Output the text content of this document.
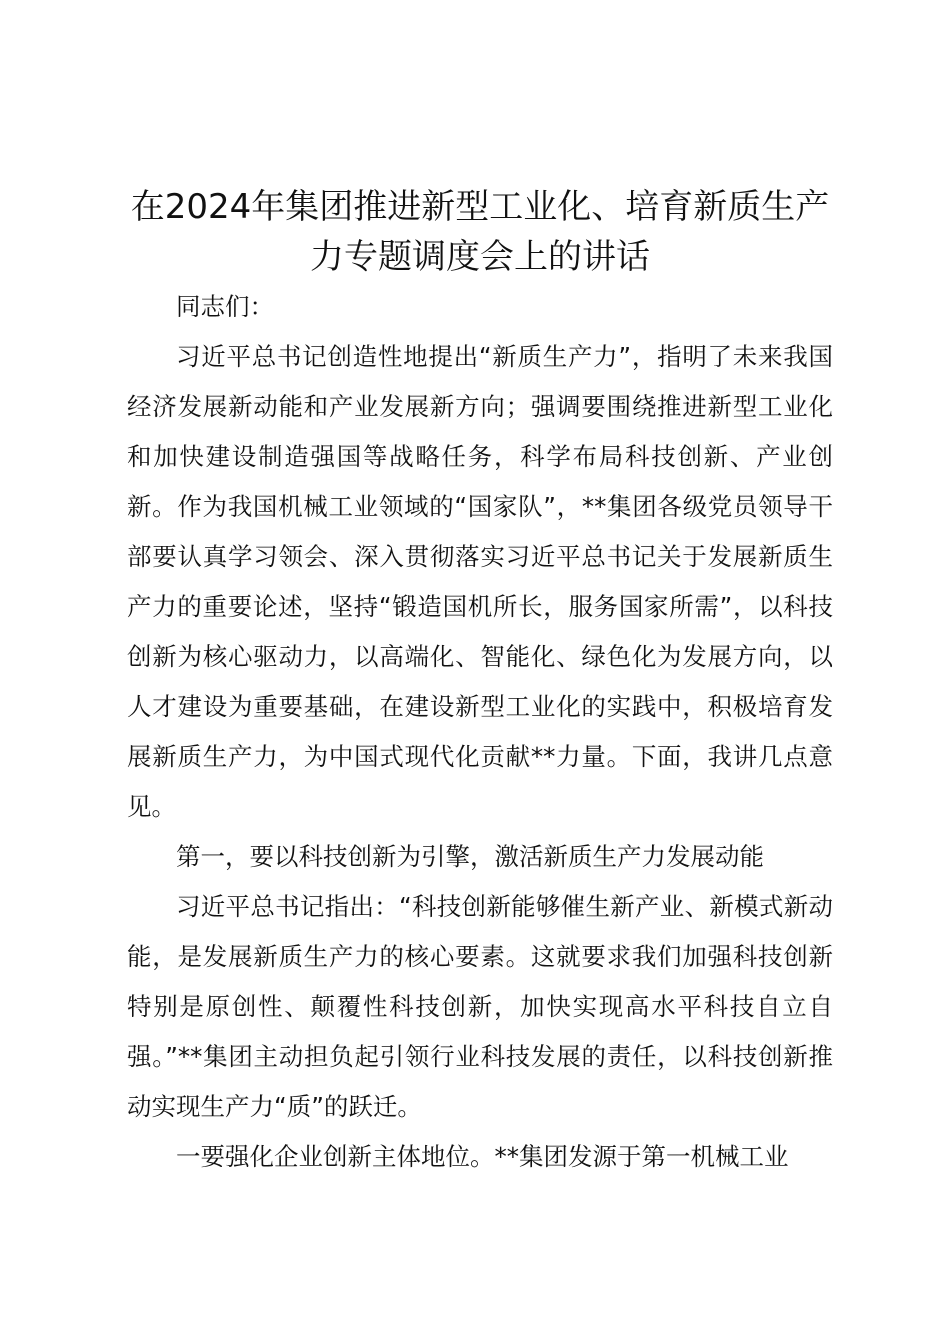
在2024年集团推进新型工业化、培育新质生产力专题调度会上的讲话

同志们：

习近平总书记创造性地提出“新质生产力”，指明了未来我国经济发展新动能和产业发展新方向；强调要围绕推进新型工业化和加快建设制造强国等战略任务，科学布局科技创新、产业创新。作为我国机械工业领域的“国家队”，**集团各级党员领导干部要认真学习领会、深入贯彻落实习近平总书记关于发展新质生产力的重要论述，坚持“锻造国机所长，服务国家所需”，以科技创新为核心驱动力，以高端化、智能化、绿色化为发展方向，以人才建设为重要基础，在建设新型工业化的实践中，积极培育发展新质生产力，为中国式现代化贡献**力量。下面，我讲几点意见。

第一，要以科技创新为引擎，激活新质生产力发展动能

习近平总书记指出：“科技创新能够催生新产业、新模式新动能，是发展新质生产力的核心要素。这就要求我们加强科技创新特别是原创性、颠覆性科技创新，加快实现高水平科技自立自强。”**集团主动担负起引领行业科技发展的责任，以科技创新推动实现生产力“质”的跃迁。

一要强化企业创新主体地位。**集团发源于第一机械工业
